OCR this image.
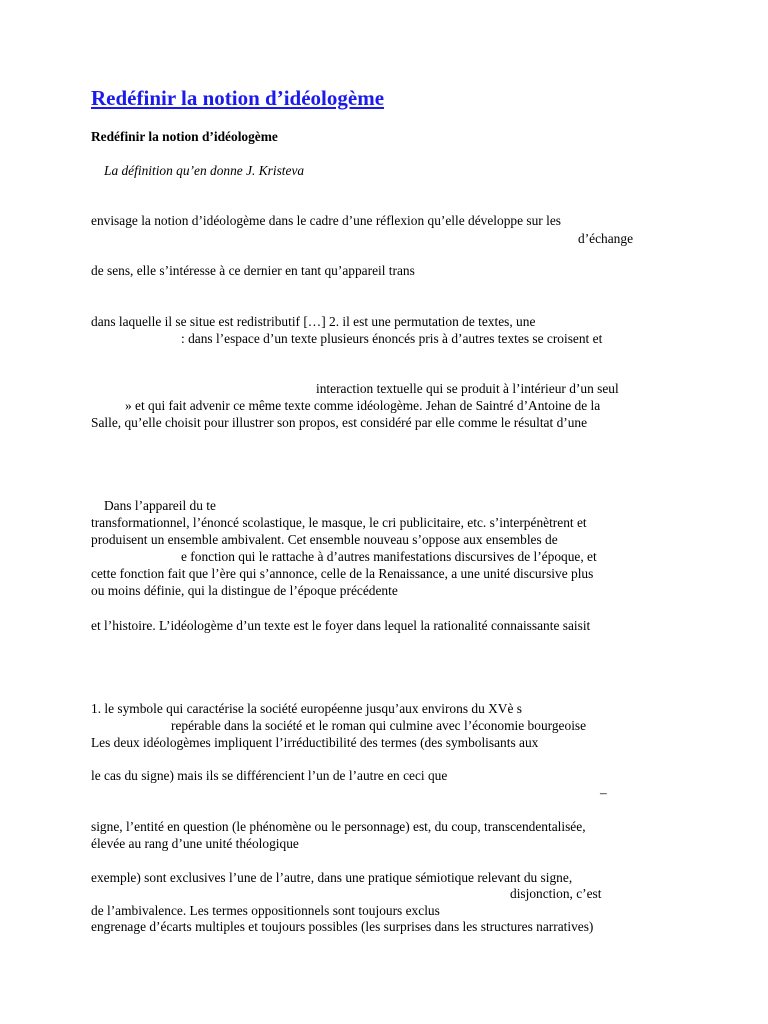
Redéfinir la notion d’idéologème
Redéfinir la notion d’idéologème
La définition qu’en donne J. Kristeva
envisage la notion d’idéologème dans le cadre d’une réflexion qu’elle développe sur les
d’échange
de sens, elle s’intéresse à ce dernier en tant qu’appareil trans
dans laquelle il se situe est redistributif […] 2. il est une permutation de textes, une
: dans l’espace d’un texte plusieurs énoncés pris à d’autres textes se croisent et
interaction textuelle qui se produit à l’intérieur d’un seul
» et qui fait advenir ce même texte comme idéologème. Jehan de Saintré d’Antoine de la
Salle, qu’elle choisit pour illustrer son propos, est considéré par elle comme le résultat d’une
Dans l’appareil du te
transformationnel, l’énoncé scolastique, le masque, le cri publicitaire, etc. s’interpénètrent et
produisent un ensemble ambivalent. Cet ensemble nouveau s’oppose aux ensembles de
e fonction qui le rattache à d’autres manifestations discursives de l’époque, et
cette fonction fait que l’ère qui s’annonce, celle de la Renaissance, a une unité discursive plus
ou moins définie, qui la distingue de l’époque précédente
et l’histoire. L’idéologème d’un texte est le foyer dans lequel la rationalité connaissante saisit
1. le symbole qui caractérise la société européenne jusqu’aux environs du XVè s
repérable dans la société et le roman qui culmine avec l’économie bourgeoise
Les deux idéologèmes impliquent l’irréductibilité des termes (des symbolisants aux
le cas du signe) mais ils se différencient l’un de l’autre en ceci que
–
signe, l’entité en question (le phénomène ou le personnage) est, du coup, transcendentalisée,
élevée au rang d’une unité théologique
exemple) sont exclusives l’une de l’autre, dans une pratique sémiotique relevant du signe,
disjonction, c’est
de l’ambivalence. Les termes oppositionnels sont toujours exclus
engrenage d’écarts multiples et toujours possibles (les surprises dans les structures narratives)
